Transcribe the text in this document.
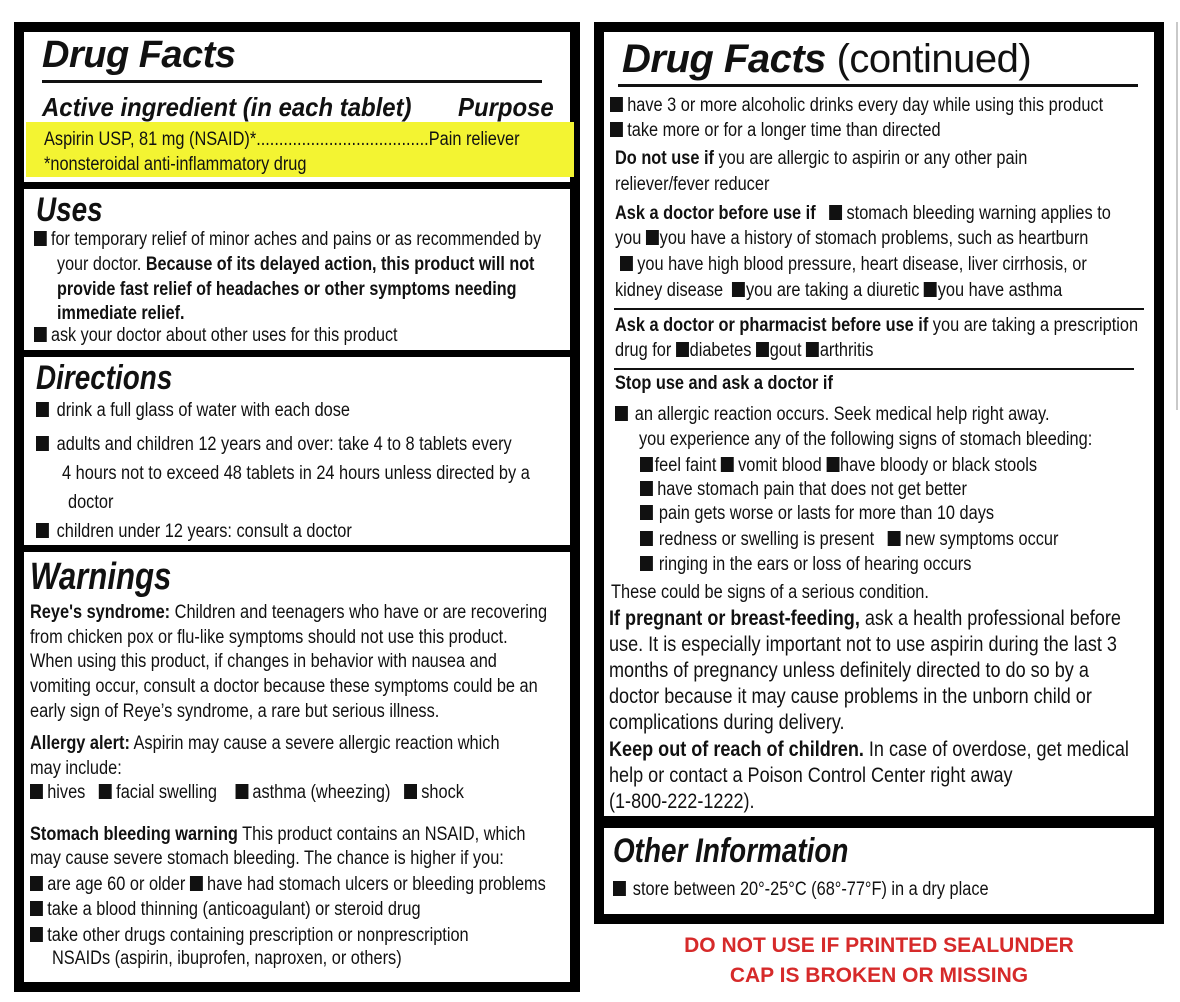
Drug Facts
Active ingredient (in each tablet) Purpose
Aspirin USP, 81 mg (NSAID)*......................................Pain reliever
*nonsteroidal anti-inflammatory drug
Uses
for temporary relief of minor aches and pains or as recommended by
your doctor. Because of its delayed action, this product will not
provide fast relief of headaches or other symptoms needing
immediate relief.
ask your doctor about other uses for this product
Directions
drink a full glass of water with each dose
adults and children 12 years and over: take 4 to 8 tablets every
4 hours not to exceed 48 tablets in 24 hours unless directed by a
doctor
children under 12 years: consult a doctor
Warnings
Reye's syndrome: Children and teenagers who have or are recovering
from chicken pox or flu-like symptoms should not use this product.
When using this product, if changes in behavior with nausea and
vomiting occur, consult a doctor because these symptoms could be an
early sign of Reye’s syndrome, a rare but serious illness.
Allergy alert: Aspirin may cause a severe allergic reaction which
may include:
hives facial swelling asthma (wheezing) shock
Stomach bleeding warning This product contains an NSAID, which
may cause severe stomach bleeding. The chance is higher if you:
are age 60 or older have had stomach ulcers or bleeding problems
take a blood thinning (anticoagulant) or steroid drug
take other drugs containing prescription or nonprescription
NSAIDs (aspirin, ibuprofen, naproxen, or others)
Drug Facts (continued)
have 3 or more alcoholic drinks every day while using this product
take more or for a longer time than directed
Do not use if you are allergic to aspirin or any other pain
reliever/fever reducer
Ask a doctor before use if stomach bleeding warning applies to
you you have a history of stomach problems, such as heartburn
you have high blood pressure, heart disease, liver cirrhosis, or
kidney disease you are taking a diuretic you have asthma
Ask a doctor or pharmacist before use if you are taking a prescription
drug for diabetes gout arthritis
Stop use and ask a doctor if
an allergic reaction occurs. Seek medical help right away.
you experience any of the following signs of stomach bleeding:
feel faint vomit blood have bloody or black stools
have stomach pain that does not get better
pain gets worse or lasts for more than 10 days
redness or swelling is present new symptoms occur
ringing in the ears or loss of hearing occurs
These could be signs of a serious condition.
If pregnant or breast-feeding, ask a health professional before
use. It is especially important not to use aspirin during the last 3
months of pregnancy unless definitely directed to do so by a
doctor because it may cause problems in the unborn child or
complications during delivery.
Keep out of reach of children. In case of overdose, get medical
help or contact a Poison Control Center right away
(1-800-222-1222).
Other Information
store between 20°-25°C (68°-77°F) in a dry place
DO NOT USE IF PRINTED SEALUNDER
CAP IS BROKEN OR MISSING
